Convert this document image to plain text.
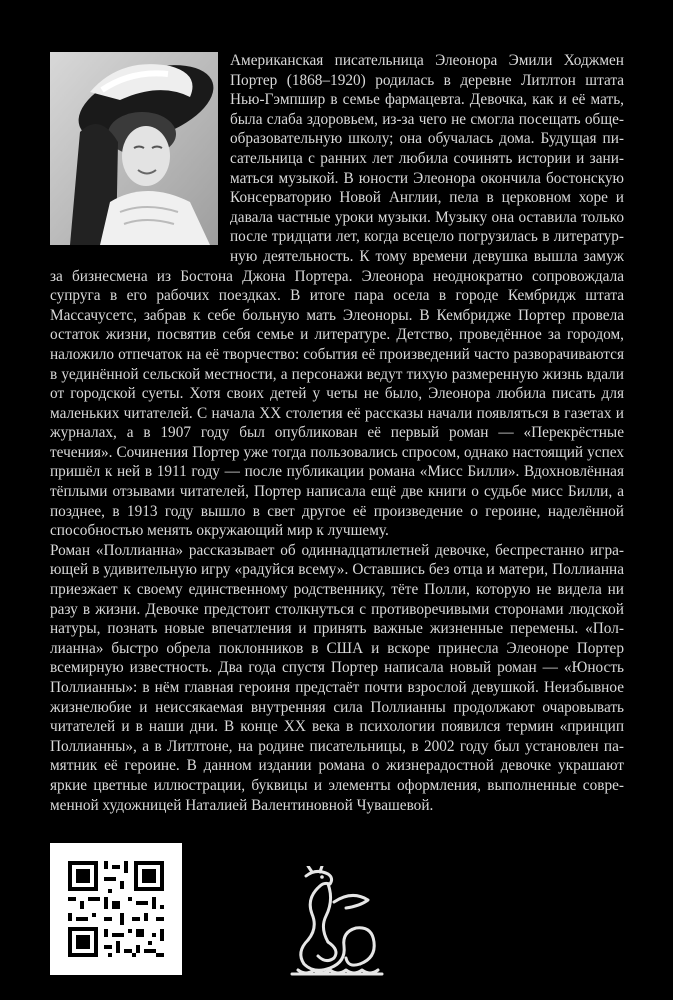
Американская писательница Элеонора Эмили Ходжмен Портер (1868–1920) родилась в деревне Литлтон штата Нью-Гэмпшир в семье фармацевта. Девочка, как и её мать, была слаба здоровьем, из-за чего не смогла посещать общеобразовательную школу; она обучалась дома. Будущая писательница с ранних лет любила сочинять истории и заниматься музыкой. В юности Элеонора окончила бостонскую Консерваторию Новой Англии, пела в церковном хоре и давала частные уроки музыки. Музыку она оставила только после тридцати лет, когда всецело погрузилась в литературную деятельность. К тому времени девушка вышла замуж за бизнесмена из Бостона Джона Портера. Элеонора неоднократно сопровождала супруга в его рабочих поездках. В итоге пара осела в городе Кембридж штата Массачусетс, забрав к себе больную мать Элеоноры. В Кембридже Портер провела остаток жизни, посвятив себя семье и литературе. Детство, проведённое за городом, наложило отпечаток на её творчество: события её произведений часто разворачиваются в уединённой сельской местности, а персонажи ведут тихую размеренную жизнь вдали от городской суеты. Хотя своих детей у четы не было, Элеонора любила писать для маленьких читателей. С начала XX столетия её рассказы начали появляться в газетах и журналах, а в 1907 году был опубликован её первый роман — «Перекрёстные течения». Сочинения Портер уже тогда пользовались спросом, однако настоящий успех пришёл к ней в 1911 году — после публикации романа «Мисс Билли». Вдохновлённая тёплыми отзывами читателей, Портер написала ещё две книги о судьбе мисс Билли, а позднее, в 1913 году вышло в свет другое её произведение о героине, наделённой способностью менять окружающий мир к лучшему.

Роман «Поллианна» рассказывает об одиннадцатилетней девочке, беспрестанно играющей в удивительную игру «радуйся всему». Оставшись без отца и матери, Поллианна приезжает к своему единственному родственнику, тёте Полли, которую не видела ни разу в жизни. Девочке предстоит столкнуться с противоречивыми сторонами людской натуры, познать новые впечатления и принять важные жизненные перемены. «Поллианна» быстро обрела поклонников в США и вскоре принесла Элеоноре Портер всемирную известность. Два года спустя Портер написала новый роман — «Юность Поллианны»: в нём главная героиня предстаёт почти взрослой девушкой. Неизбывное жизнелюбие и неиссякаемая внутренняя сила Поллианны продолжают очаровывать читателей и в наши дни. В конце XX века в психологии появился термин «принцип Поллианны», а в Литлтоне, на родине писательницы, в 2002 году был установлен памятник её героине. В данном издании романа о жизнерадостной девочке украшают яркие цветные иллюстрации, буквицы и элементы оформления, выполненные современной художницей Наталией Валентиновной Чувашевой.
